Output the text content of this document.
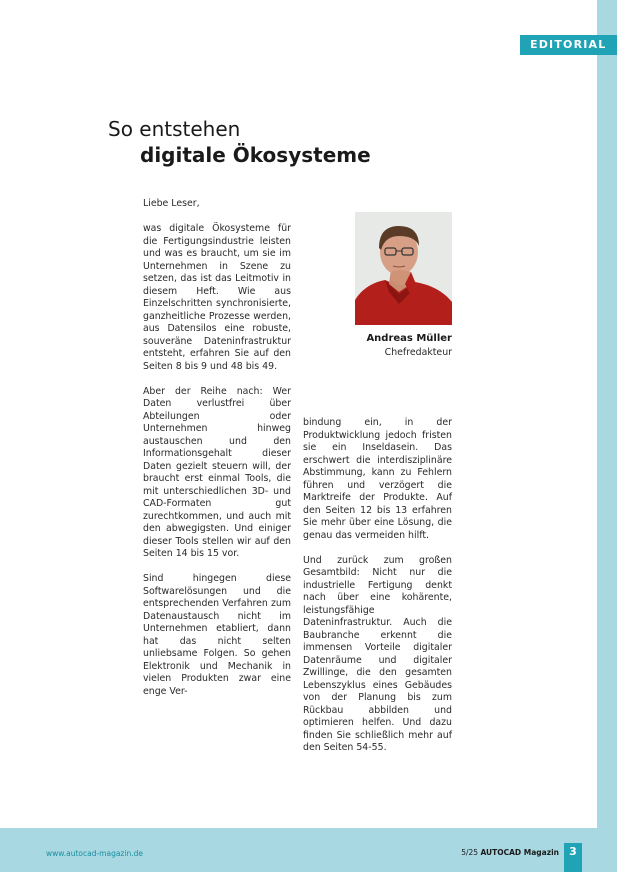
EDITORIAL
So entstehen
digitale Ökosysteme

Liebe Leser,

was digitale Ökosysteme für die Fertigungsindustrie leisten und was es braucht, um sie im Unternehmen in Szene zu setzen, das ist das Leitmotiv in diesem Heft. Wie aus Einzelschritten synchronisierte, ganzheitliche Prozesse werden, aus Datensilos eine robuste, souveräne Dateninfrastruktur entsteht, erfahren Sie auf den Seiten 8 bis 9 und 48 bis 49.

Aber der Reihe nach: Wer Daten verlustfrei über Abteilungen oder Unternehmen hinweg austauschen und den Informationsgehalt dieser Daten gezielt steuern will, der braucht erst einmal Tools, die mit unterschiedlichen 3D- und CAD-Formaten gut zurechtkommen, und auch mit den abwegigsten. Und einiger dieser Tools stellen wir auf den Seiten 14 bis 15 vor.

Sind hingegen diese Softwarelösungen und die entsprechenden Verfahren zum Datenaustausch nicht im Unternehmen etabliert, dann hat das nicht selten unliebsame Folgen. So gehen Elektronik und Mechanik in vielen Produkten zwar eine enge Ver-

Andreas Müller
Chefredakteur

bindung ein, in der Produktwicklung jedoch fristen sie ein Inseldasein. Das erschwert die interdisziplinäre Abstimmung, kann zu Fehlern führen und verzögert die Marktreife der Produkte. Auf den Seiten 12 bis 13 erfahren Sie mehr über eine Lösung, die genau das vermeiden hilft.

Und zurück zum großen Gesamtbild: Nicht nur die industrielle Fertigung denkt nach über eine kohärente, leistungsfähige Dateninfrastruktur. Auch die Baubranche erkennt die immensen Vorteile digitaler Datenräume und digitaler Zwillinge, die den gesamten Lebenszyklus eines Gebäudes von der Planung bis zum Rückbau abbilden und optimieren helfen. Und dazu finden Sie schließlich mehr auf den Seiten 54-55.

www.autocad-magazin.de	5/25 AUTOCAD Magazin 3
